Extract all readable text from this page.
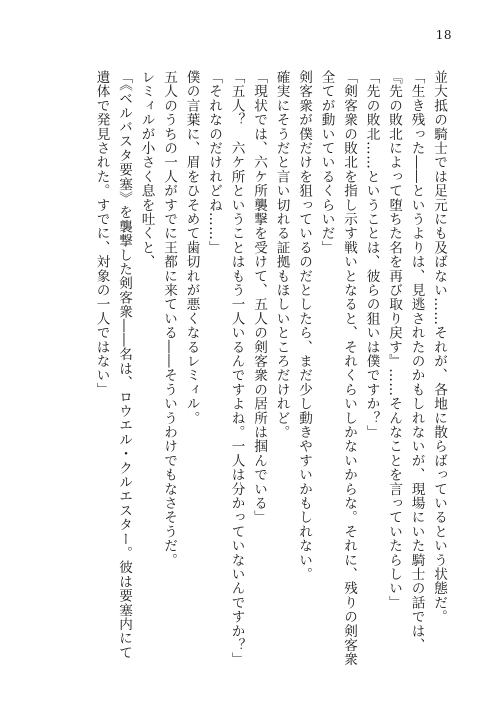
18

並大抵の騎士では足元にも及ばない……それが、各地に散らばっているという状態だ。

「生き残った――というよりは、見逃されたのかもしれないが、現場にいた騎士の話では、『先の敗北によって堕ちた名を再び取り戻す』……そんなことを言っていたらしい」

「先の敗北……ということは、彼らの狙いは僕ですか？」

「剣客衆の敗北を指し示す戦いとなると、それくらいしかないからな。それに、残りの剣客衆全てが動いているくらいだ」

剣客衆が僕だけを狙っているのだとしたら、まだ少し動きやすいかもしれない。

確実にそうだと言い切れる証拠もほしいところだけれど。

「現状では、六ケ所襲撃を受けて、五人の剣客衆の居所は掴んでいる」

「五人？　六ケ所ということはもう一人いるんですよね。一人は分かっていないんですか？」

「それなのだけれどね……」

僕の言葉に、眉をひそめて歯切れが悪くなるレミィル。

五人のうちの一人がすでに王都に来ている――そういうわけでもなさそうだ。

レミィルが小さく息を吐くと、

「《ベルバスタ要塞》を襲撃した剣客衆――名は、ロウエル・クルエスター。彼は要塞内にて遺体で発見された。すでに、対象の一人ではない」
